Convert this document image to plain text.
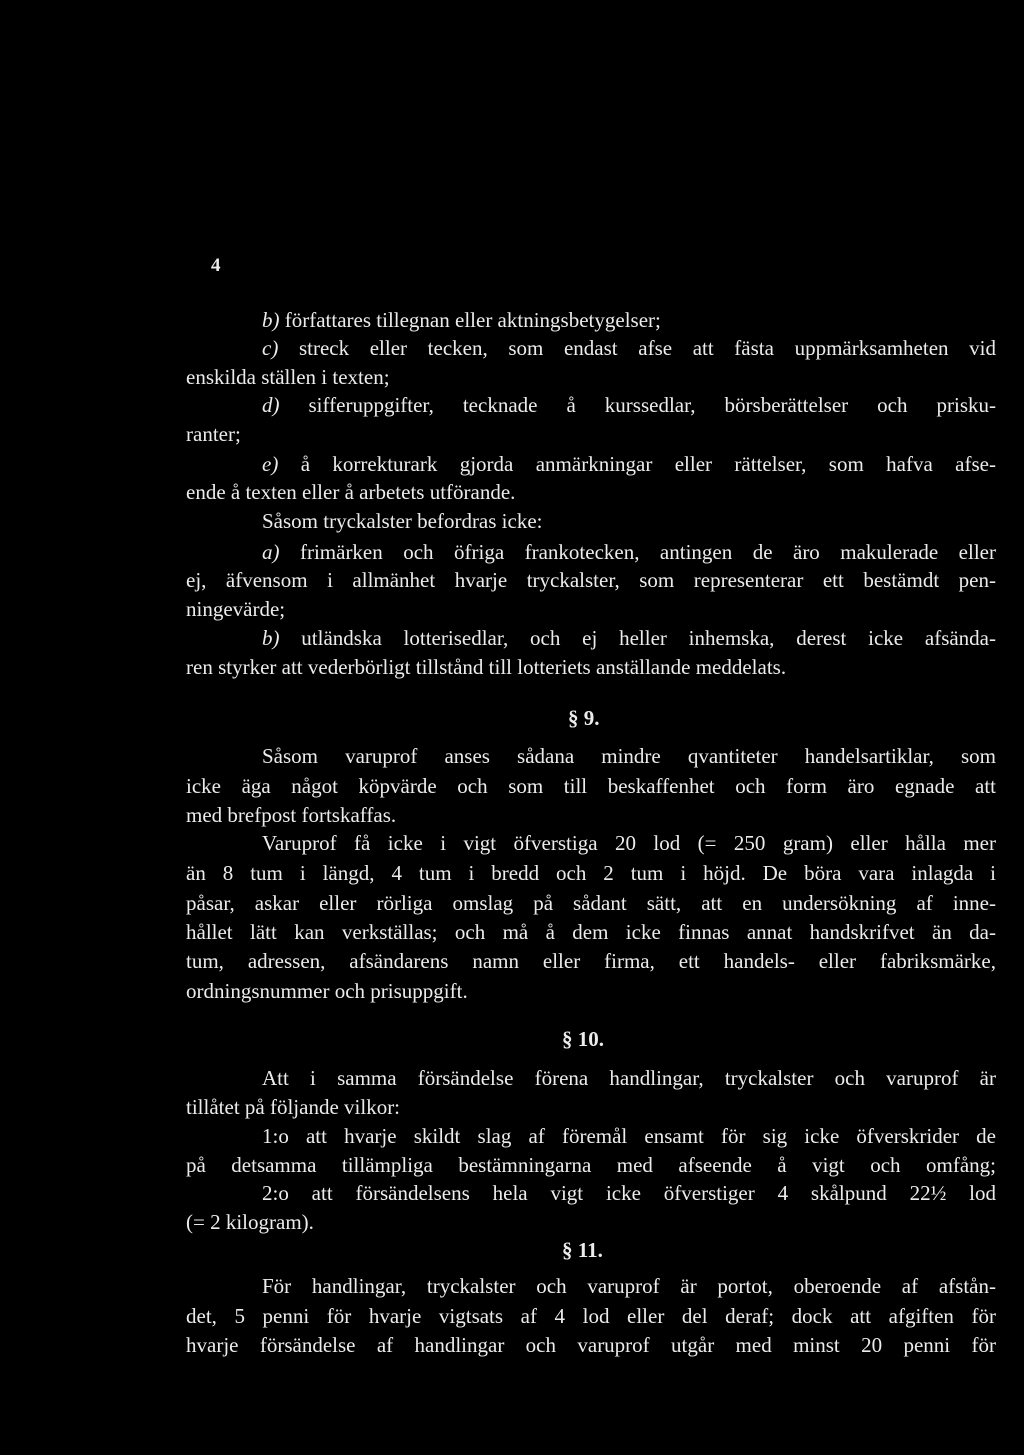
4
b) författares tillegnan eller aktningsbetygelser;
c) streck eller tecken, som endast afse att fästa uppmärksamheten vid
enskilda ställen i texten;
d) sifferuppgifter, tecknade å kurssedlar, börsberättelser och prisku-
ranter;
e) å korrekturark gjorda anmärkningar eller rättelser, som hafva afse-
ende å texten eller å arbetets utförande.
Såsom tryckalster befordras icke:
a) frimärken och öfriga frankotecken, antingen de äro makulerade eller
ej, äfvensom i allmänhet hvarje tryckalster, som representerar ett bestämdt pen-
ningevärde;
b) utländska lotterisedlar, och ej heller inhemska, derest icke afsända-
ren styrker att vederbörligt tillstånd till lotteriets anställande meddelats.
§ 9.
Såsom varuprof anses sådana mindre qvantiteter handelsartiklar, som
icke äga något köpvärde och som till beskaffenhet och form äro egnade att
med brefpost fortskaffas.
Varuprof få icke i vigt öfverstiga 20 lod (= 250 gram) eller hålla mer
än 8 tum i längd, 4 tum i bredd och 2 tum i höjd. De böra vara inlagda i
påsar, askar eller rörliga omslag på sådant sätt, att en undersökning af inne-
hållet lätt kan verkställas; och må å dem icke finnas annat handskrifvet än da-
tum, adressen, afsändarens namn eller firma, ett handels- eller fabriksmärke,
ordningsnummer och prisuppgift.
§ 10.
Att i samma försändelse förena handlingar, tryckalster och varuprof är
tillåtet på följande vilkor:
1:o att hvarje skildt slag af föremål ensamt för sig icke öfverskrider de
på detsamma tillämpliga bestämningarna med afseende å vigt och omfång;
2:o att försändelsens hela vigt icke öfverstiger 4 skålpund 22½ lod
(= 2 kilogram).
§ 11.
För handlingar, tryckalster och varuprof är portot, oberoende af afstån-
det, 5 penni för hvarje vigtsats af 4 lod eller del deraf; dock att afgiften för
hvarje försändelse af handlingar och varuprof utgår med minst 20 penni för
